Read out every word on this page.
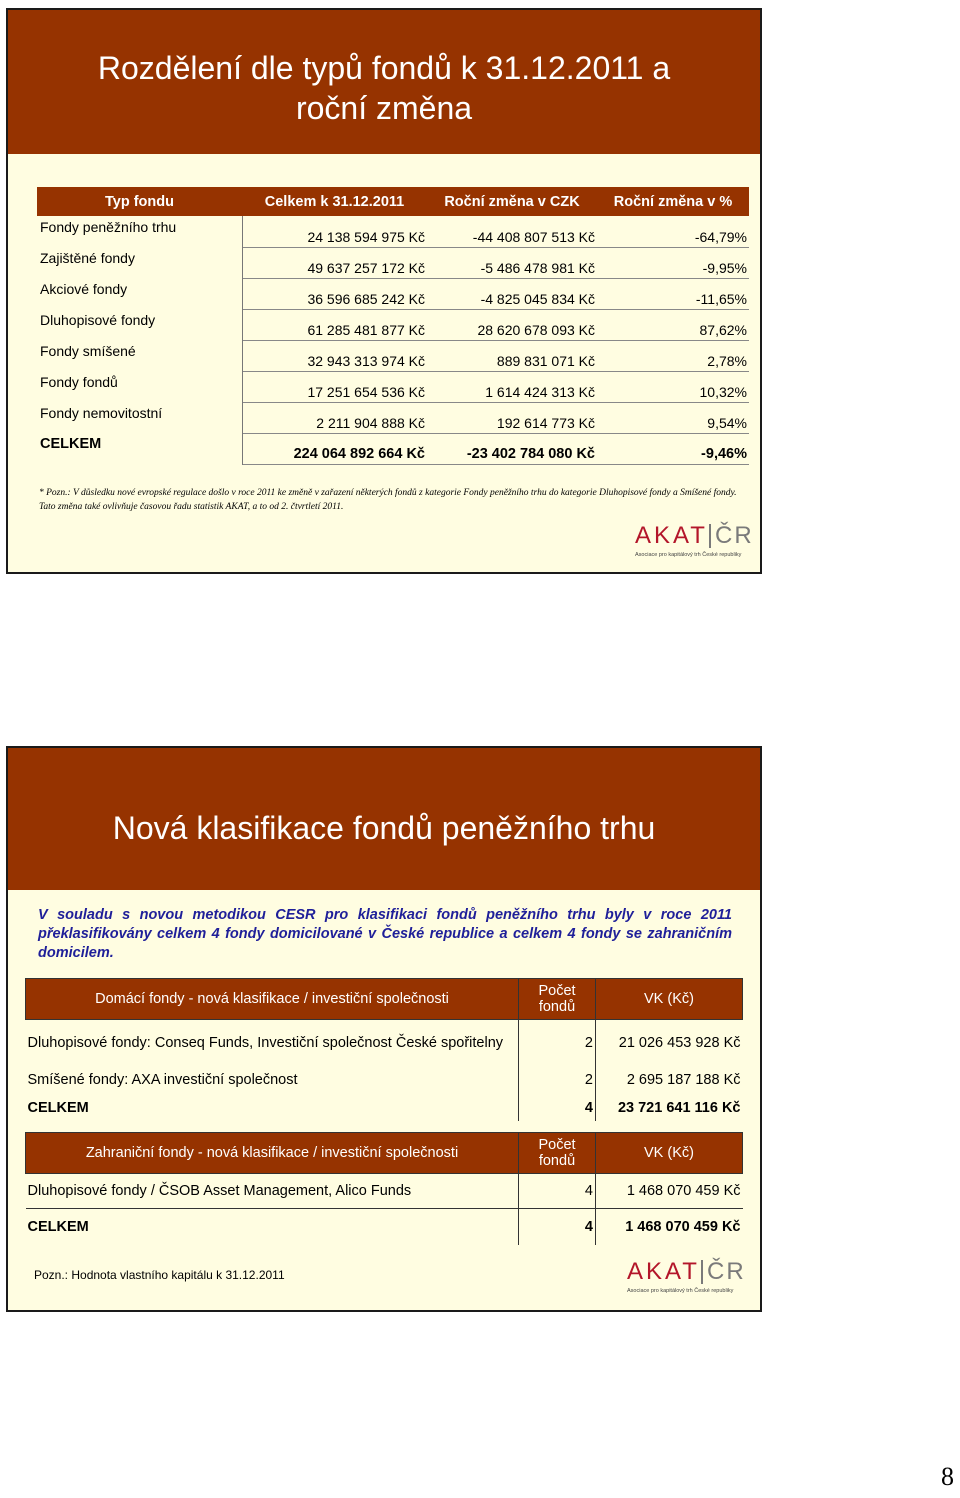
Rozdělení dle typů fondů k 31.12.2011 a
roční změna
Typ fondu	Celkem k 31.12.2011	Roční změna v CZK	Roční změna v %
Fondy peněžního trhu	24 138 594 975 Kč	-44 408 807 513 Kč	-64,79%
Zajištěné fondy	49 637 257 172 Kč	-5 486 478 981 Kč	-9,95%
Akciové fondy	36 596 685 242 Kč	-4 825 045 834 Kč	-11,65%
Dluhopisové fondy	61 285 481 877 Kč	28 620 678 093 Kč	87,62%
Fondy smíšené	32 943 313 974 Kč	889 831 071 Kč	2,78%
Fondy fondů	17 251 654 536 Kč	1 614 424 313 Kč	10,32%
Fondy nemovitostní	2 211 904 888 Kč	192 614 773 Kč	9,54%
CELKEM	224 064 892 664 Kč	-23 402 784 080 Kč	-9,46%
* Pozn.: V důsledku nové evropské regulace došlo v roce 2011 ke změně v zařazení některých fondů z kategorie Fondy peněžního trhu do kategorie Dluhopisové fondy a Smíšené fondy. Tato změna také ovlivňuje časovou řadu statistik AKAT, a to od 2. čtvrtletí 2011.
AKAT ČR
Asociace pro kapitálový trh České republiky
Nová klasifikace fondů peněžního trhu
V souladu s novou metodikou CESR pro klasifikaci fondů peněžního trhu byly v roce 2011 překlasifikovány celkem 4 fondy domicilované v České republice a celkem 4 fondy se zahraničním domicilem.
Domácí fondy - nová klasifikace / investiční společnosti	Počet fondů	VK (Kč)
Dluhopisové fondy: Conseq Funds, Investiční společnost České spořitelny	2	21 026 453 928 Kč
Smíšené fondy: AXA investiční společnost	2	2 695 187 188 Kč
CELKEM	4	23 721 641 116 Kč
Zahraniční fondy - nová klasifikace / investiční společnosti	Počet fondů	VK (Kč)
Dluhopisové fondy / ČSOB Asset Management, Alico Funds	4	1 468 070 459 Kč
CELKEM	4	1 468 070 459 Kč
Pozn.: Hodnota vlastního kapitálu k 31.12.2011	AKAT ČR
Asociace pro kapitálový trh České republiky
8
